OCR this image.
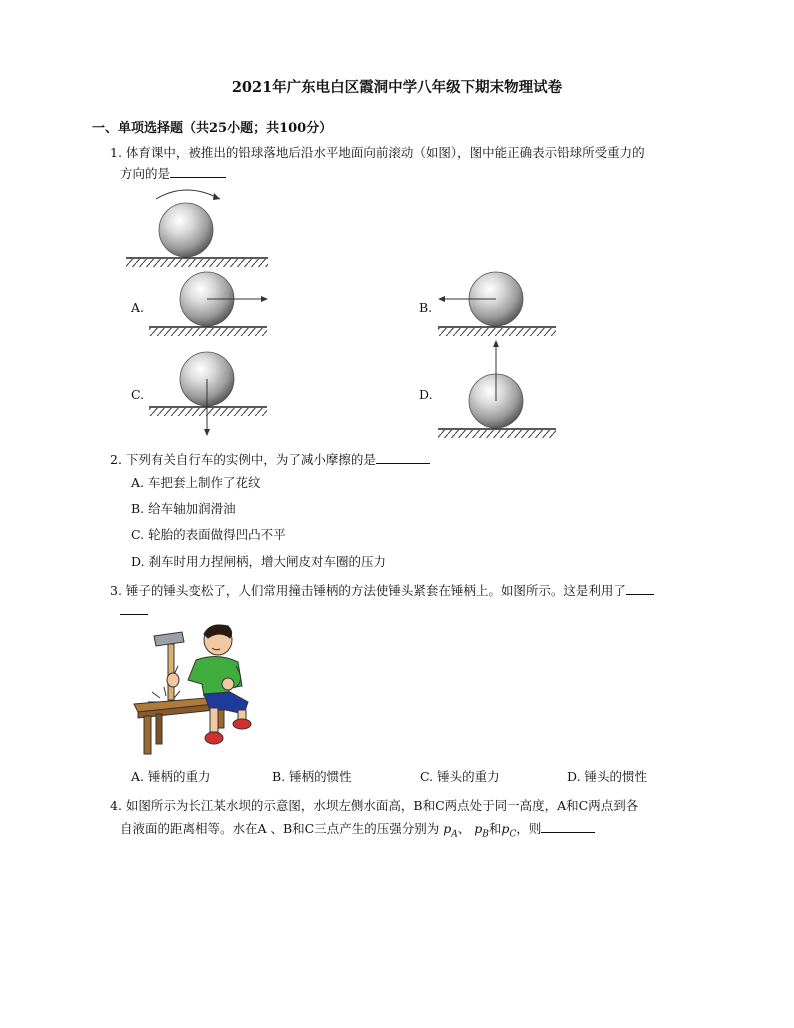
2021年广东电白区霞洞中学八年级下期末物理试卷
一、单项选择题（共25小题；共100分）
1. 体育课中，被推出的铅球落地后沿水平地面向前滚动（如图），图中能正确表示铅球所受重力的
方向的是
A.	B.
C.	D.
2. 下列有关自行车的实例中，为了减小摩擦的是
A. 车把套上制作了花纹
B. 给车轴加润滑油
C. 轮胎的表面做得凹凸不平
D. 刹车时用力捏闸柄，增大闸皮对车圈的压力
3. 锤子的锤头变松了，人们常用撞击锤柄的方法使锤头紧套在锤柄上。如图所示。这是利用了
A. 锤柄的重力	B. 锤柄的惯性	C. 锤头的重力	D. 锤头的惯性
4. 如图所示为长江某水坝的示意图，水坝左侧水面高，B和C两点处于同一高度，A和C两点到各
自液面的距离相等。水在A 、B和C三点产生的压强分别为 $p_A$、 $p_B$和$p_C$，则
